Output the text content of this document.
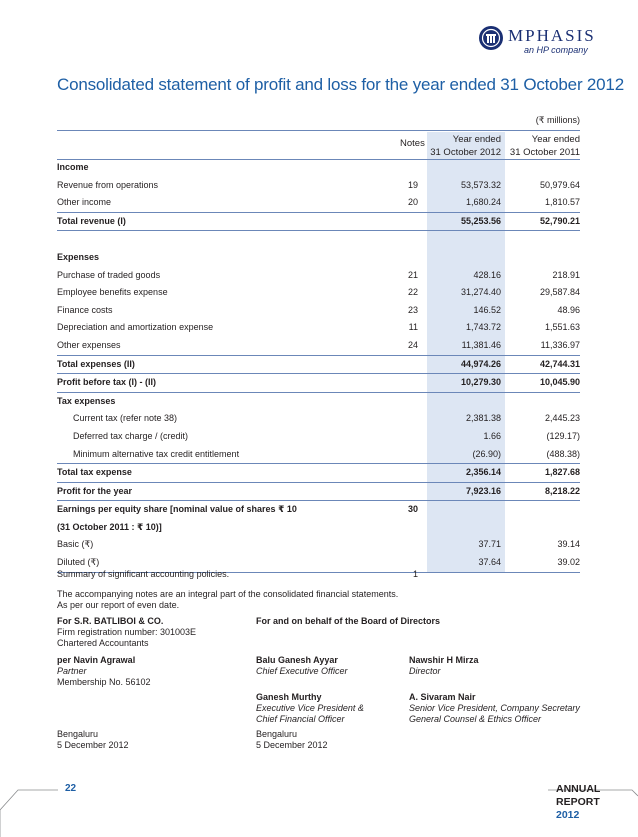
MPHASIS
an HP company
Consolidated statement of profit and loss for the year ended 31 October 2012
(₹ millions)
Notes	Year ended
31 October 2012
Year ended
31 October 2011
Income
Revenue from operations	19	53,573.32	50,979.64
Other income	20	1,680.24	1,810.57
Total revenue (I)	55,253.56	52,790.21
Expenses
Purchase of traded goods	21	428.16	218.91
Employee benefits expense	22	31,274.40	29,587.84
Finance costs	23	146.52	48.96
Depreciation and amortization expense	11	1,743.72	1,551.63
Other expenses	24	11,381.46	11,336.97
Total expenses (II)	44,974.26	42,744.31
Profit before tax (I) - (II)	10,279.30	10,045.90
Tax expenses
Current tax (refer note 38)	2,381.38	2,445.23
Deferred tax charge / (credit)	1.66	(129.17)
Minimum alternative tax credit entitlement	(26.90)	(488.38)
Total tax expense	2,356.14	1,827.68
Profit for the year	7,923.16	8,218.22
Earnings per equity share [nominal value of shares ₹ 10	30
(31 October 2011 : ₹ 10)]
Basic (₹)	37.71	39.14
Diluted (₹)	37.64	39.02
Summary of significant accounting policies.	1
The accompanying notes are an integral part of the consolidated financial statements.
As per our report of even date.
For S.R. BATLIBOI & CO.
Firm registration number: 301003E
Chartered Accountants
For and on behalf of the Board of Directors
per Navin Agrawal
Partner
Membership No. 56102
Balu Ganesh Ayyar
Chief Executive Officer
Nawshir H Mirza
Director
Ganesh Murthy
Executive Vice President &
Chief Financial Officer
A. Sivaram Nair
Senior Vice President, Company Secretary
General Counsel & Ethics Officer
Bengaluru
5 December 2012
Bengaluru
5 December 2012
22	ANNUAL
REPORT
2012
